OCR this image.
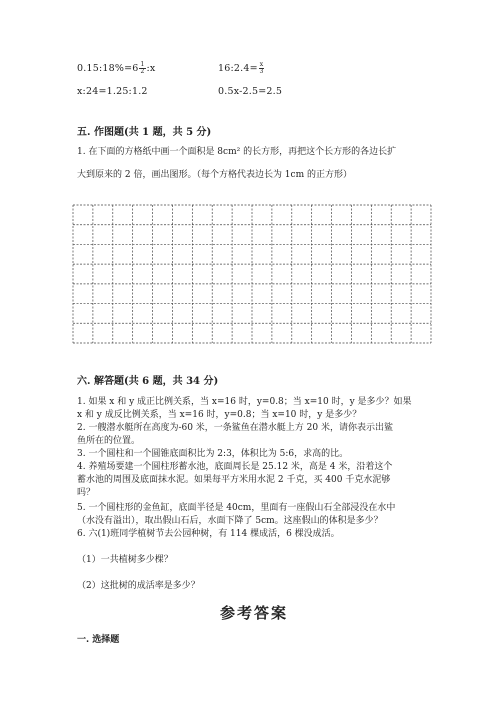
0.15:18%=6 $\frac{1}{2}$ :x	16:2.4= $\frac{x}{3}$
x:24=1.25:1.2	0.5x-2.5=2.5
五. 作图题(共 1 题，共 5 分)
1. 在下面的方格纸中画一个面积是 8cm² 的长方形，再把这个长方形的各边长扩
大到原来的 2 倍，画出图形。（每个方格代表边长为 1cm 的正方形）
六. 解答题(共 6 题，共 34 分)
1. 如果 x 和 y 成正比例关系，当 x=16 时，y=0.8；当 x=10 时，y 是多少？如果
x 和 y 成反比例关系，当 x=16 时，y=0.8；当 x=10 时，y 是多少？
2. 一艘潜水艇所在高度为-60 米，一条鲨鱼在潜水艇上方 20 米，请你表示出鲨
鱼所在的位置。
3. 一个圆柱和一个圆锥底面积比为 2:3，体积比为 5:6，求高的比。
4. 养殖场要建一个圆柱形蓄水池，底面周长是 25.12 米，高是 4 米，沿着这个
蓄水池的周围及底面抹水泥。如果每平方米用水泥 2 千克，买 400 千克水泥够
吗？
5. 一个圆柱形的金鱼缸，底面半径是 40cm，里面有一座假山石全部浸没在水中
（水没有溢出），取出假山石后，水面下降了 5cm。这座假山的体积是多少？
6. 六(1)班同学植树节去公园种树，有 114 棵成活，6 棵没成活。
（1）一共植树多少棵？
（2）这批树的成活率是多少？
参考答案
一. 选择题
